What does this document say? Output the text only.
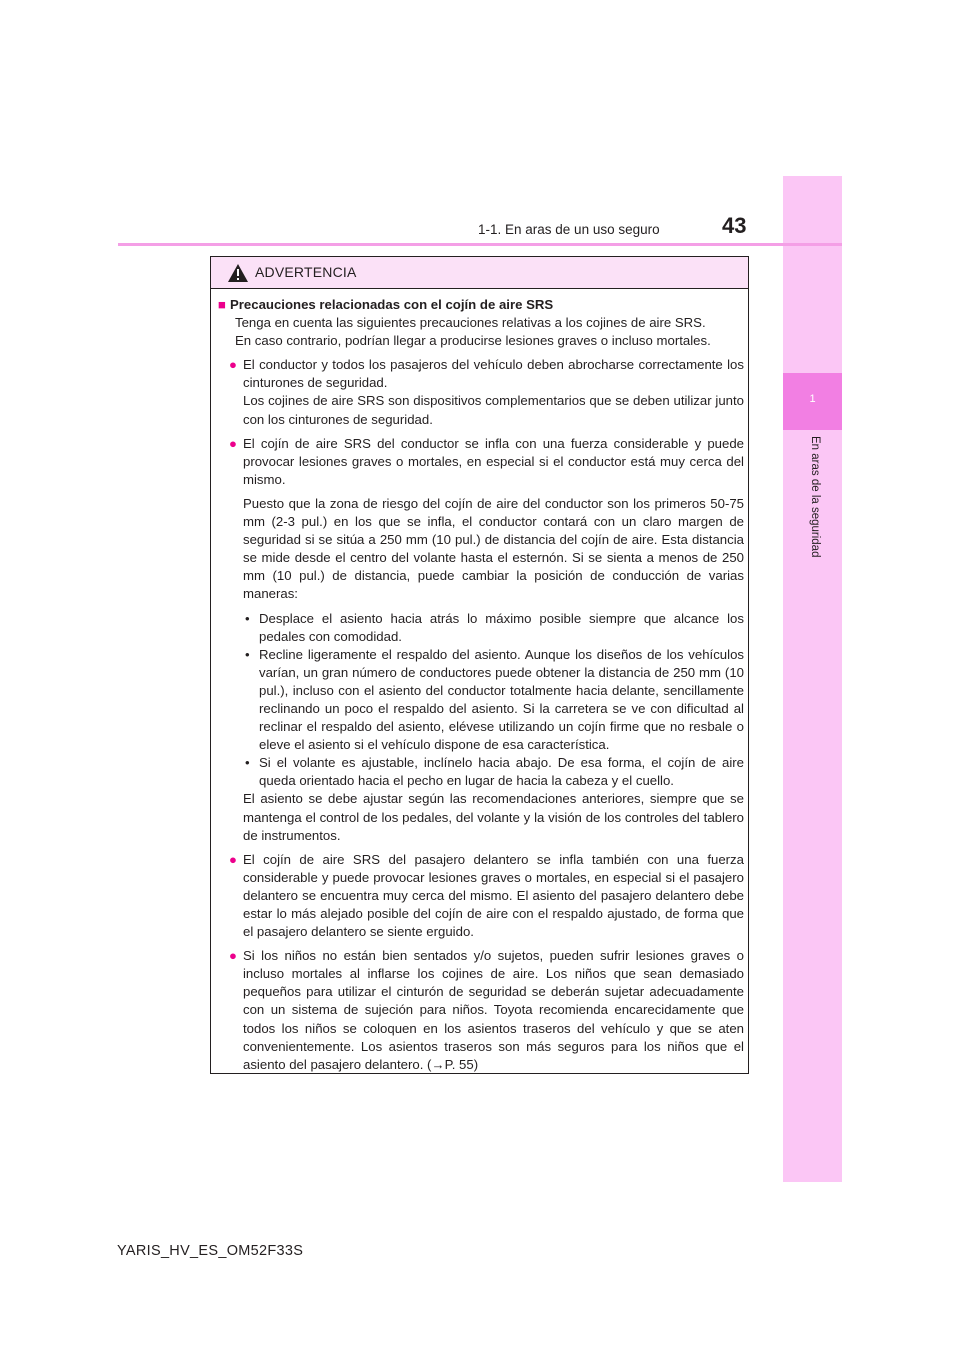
1
En aras de la seguridad
1-1. En aras de un uso seguro	43
ADVERTENCIA

■ Precauciones relacionadas con el cojín de aire SRS

Tenga en cuenta las siguientes precauciones relativas a los cojines de aire SRS.

En caso contrario, podrían llegar a producirse lesiones graves o incluso mortales.

● El conductor y todos los pasajeros del vehículo deben abrocharse correctamente los cinturones de seguridad.

Los cojines de aire SRS son dispositivos complementarios que se deben utilizar junto con los cinturones de seguridad.

● El cojín de aire SRS del conductor se infla con una fuerza considerable y puede provocar lesiones graves o mortales, en especial si el conductor está muy cerca del mismo.

Puesto que la zona de riesgo del cojín de aire del conductor son los primeros 50-75 mm (2-3 pul.) en los que se infla, el conductor contará con un claro margen de seguridad si se sitúa a 250 mm (10 pul.) de distancia del cojín de aire. Esta distancia se mide desde el centro del volante hasta el esternón. Si se sienta a menos de 250 mm (10 pul.) de distancia, puede cambiar la posición de conducción de varias maneras:

• Desplace el asiento hacia atrás lo máximo posible siempre que alcance los pedales con comodidad.

• Recline ligeramente el respaldo del asiento. Aunque los diseños de los vehículos varían, un gran número de conductores puede obtener la distancia de 250 mm (10 pul.), incluso con el asiento del conductor totalmente hacia delante, sencillamente reclinando un poco el respaldo del asiento. Si la carretera se ve con dificultad al reclinar el respaldo del asiento, elévese utilizando un cojín firme que no resbale o eleve el asiento si el vehículo dispone de esa característica.

• Si el volante es ajustable, inclínelo hacia abajo. De esa forma, el cojín de aire queda orientado hacia el pecho en lugar de hacia la cabeza y el cuello.

El asiento se debe ajustar según las recomendaciones anteriores, siempre que se mantenga el control de los pedales, del volante y la visión de los controles del tablero de instrumentos.

● El cojín de aire SRS del pasajero delantero se infla también con una fuerza considerable y puede provocar lesiones graves o mortales, en especial si el pasajero delantero se encuentra muy cerca del mismo. El asiento del pasajero delantero debe estar lo más alejado posible del cojín de aire con el respaldo ajustado, de forma que el pasajero delantero se siente erguido.

● Si los niños no están bien sentados y/o sujetos, pueden sufrir lesiones graves o incluso mortales al inflarse los cojines de aire. Los niños que sean demasiado pequeños para utilizar el cinturón de seguridad se deberán sujetar adecuadamente con un sistema de sujeción para niños. Toyota recomienda encarecidamente que todos los niños se coloquen en los asientos traseros del vehículo y que se aten convenientemente. Los asientos traseros son más seguros para los niños que el asiento del pasajero delantero. (→P. 55)

YARIS_HV_ES_OM52F33S
